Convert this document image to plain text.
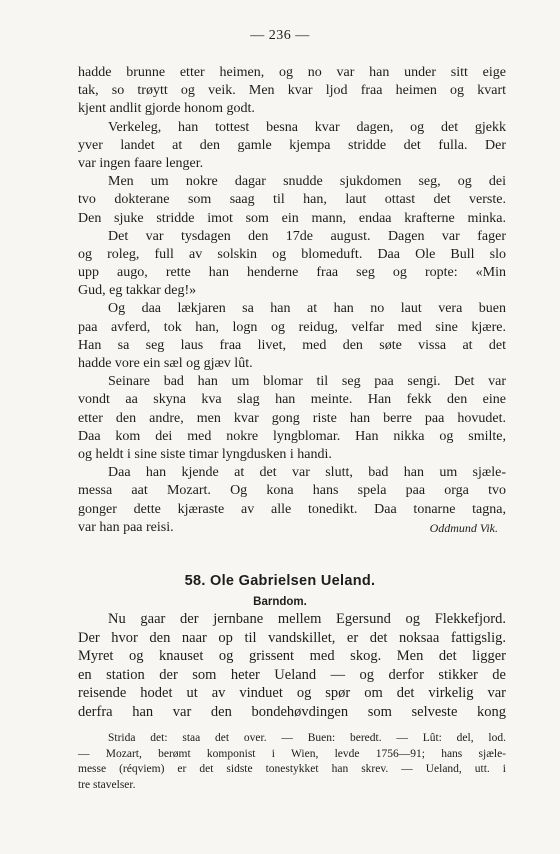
— 236 —
hadde brunne etter heimen, og no var han under sitt eige
tak, so trøytt og veik. Men kvar ljod fraa heimen og kvart
kjent andlit gjorde honom godt.
Verkeleg, han tottest besna kvar dagen, og det gjekk
yver landet at den gamle kjempa stridde det fulla. Der
var ingen faare lenger.
Men um nokre dagar snudde sjukdomen seg, og dei
tvo dokterane som saag til han, laut ottast det verste.
Den sjuke stridde imot som ein mann, endaa krafterne minka.
Det var tysdagen den 17de august. Dagen var fager
og roleg, full av solskin og blomeduft. Daa Ole Bull slo
upp augo, rette han henderne fraa seg og ropte: «Min
Gud, eg takkar deg!»
Og daa lækjaren sa han at han no laut vera buen
paa avferd, tok han, logn og reidug, velfar med sine kjære.
Han sa seg laus fraa livet, med den søte vissa at det
hadde vore ein sæl og gjæv lût.
Seinare bad han um blomar til seg paa sengi. Det var
vondt aa skyna kva slag han meinte. Han fekk den eine
etter den andre, men kvar gong riste han berre paa hovudet.
Daa kom dei med nokre lyngblomar. Han nikka og smilte,
og heldt i sine siste timar lyngdusken i handi.
Daa han kjende at det var slutt, bad han um sjæle-
messa aat Mozart. Og kona hans spela paa orga tvo
gonger dette kjæraste av alle tonedikt. Daa tonarne tagna,
var han paa reisi.	Oddmund Vik.
58. Ole Gabrielsen Ueland.
Barndom.
Nu gaar der jernbane mellem Egersund og Flekkefjord.
Der hvor den naar op til vandskillet, er det noksaa fattigslig.
Myret og knauset og grissent med skog. Men det ligger
en station der som heter Ueland — og derfor stikker de
reisende hodet ut av vinduet og spør om det virkelig var
derfra han var den bondehøvdingen som selveste kong
Strida det: staa det over. — Buen: beredt. — Lût: del, lod.
— Mozart, berømt komponist i Wien, levde 1756—91; hans sjæle-
messe (réqviem) er det sidste tonestykket han skrev. — Ueland, utt. i
tre stavelser.
